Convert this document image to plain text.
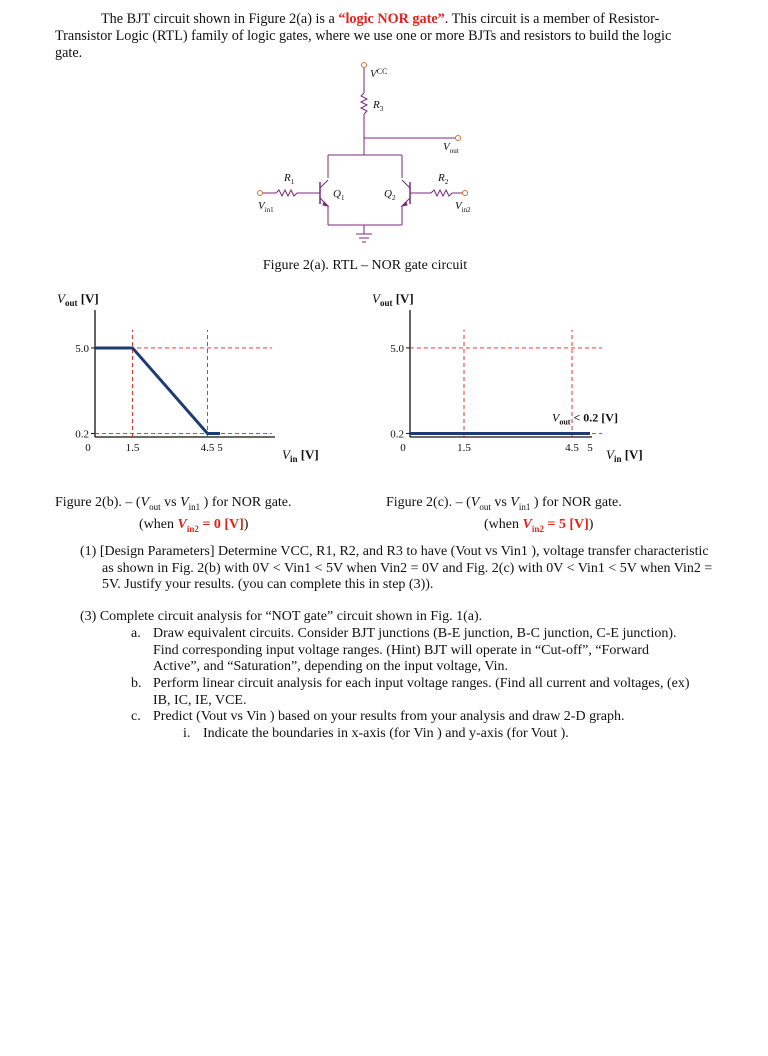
The BJT circuit shown in Figure 2(a) is a “logic NOR gate”. This circuit is a member of Resistor-Transistor Logic (RTL) family of logic gates, where we use one or more BJTs and resistors to build the logic gate.
$V^{CC}$
$R_3$
$V_{out}$
$R_1$	$R_2$
$Q_1$	$Q_2$
$V_{in1}$	$V_{in2}$
Figure 2(a). RTL – NOR gate circuit
$V_{out}$ [V]
$V_{in}$ [V]
0.2
5.0
0	1.5	4.5 5
$V_{out}$ [V]
$V_{in}$ [V]
0.2
5.0
0	1.5	4.5 5
$V_{out} < 0.2$ [V]
Figure 2(b). – ($V_{out}$ vs $V_{in1}$ ) for NOR gate.
(when $V_{in2} = 0$ [V])
Figure 2(c). – ($V_{out}$ vs $V_{in1}$ ) for NOR gate.
(when $V_{in2} = 5$ [V])
(1) [Design Parameters] Determine VCC, R1, R2, and R3 to have (Vout vs Vin1 ), voltage transfer characteristic as shown in Fig. 2(b) with 0V < Vin1 < 5V when Vin2 = 0V and Fig. 2(c) with 0V < Vin1 < 5V when Vin2 = 5V. Justify your results. (you can complete this in step (3)).
(3) Complete circuit analysis for “NOT gate” circuit shown in Fig. 1(a).
a. Draw equivalent circuits. Consider BJT junctions (B-E junction, B-C junction, C-E junction). Find corresponding input voltage ranges. (Hint) BJT will operate in “Cut-off”, “Forward Active”, and “Saturation”, depending on the input voltage, Vin.
b. Perform linear circuit analysis for each input voltage ranges. (Find all current and voltages, (ex) IB, IC, IE, VCE.
c. Predict (Vout vs Vin ) based on your results from your analysis and draw 2-D graph.
i. Indicate the boundaries in x-axis (for Vin ) and y-axis (for Vout ).
